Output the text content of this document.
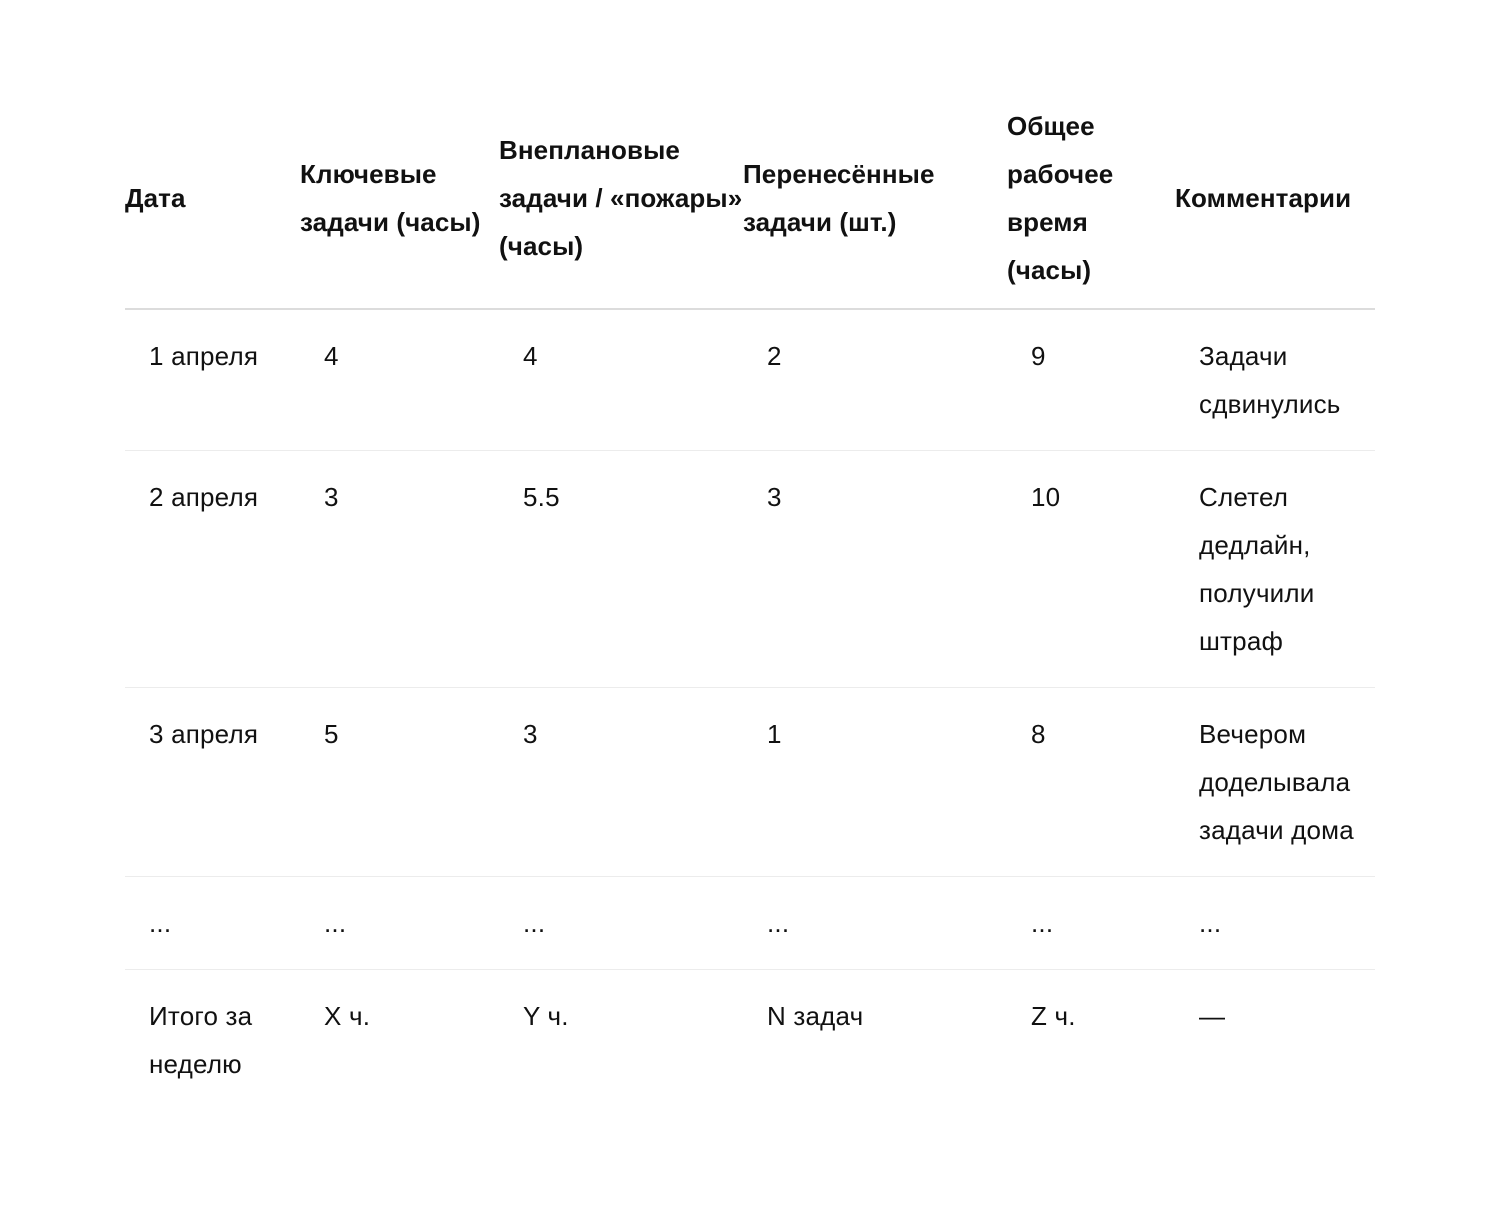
Дата	Ключевые задачи (часы)	Внеплановые задачи / «пожары» (часы)	Перенесённые задачи (шт.)	Общее рабочее время (часы)	Комментарии
1 апреля	4	4	2	9	Задачи сдвинулись
2 апреля	3	5.5	3	10	Слетел дедлайн, получили штраф
3 апреля	5	3	1	8	Вечером доделывала задачи дома
...	...	...	...	...	...
Итого за неделю	X ч.	Y ч.	N задач	Z ч.	—
